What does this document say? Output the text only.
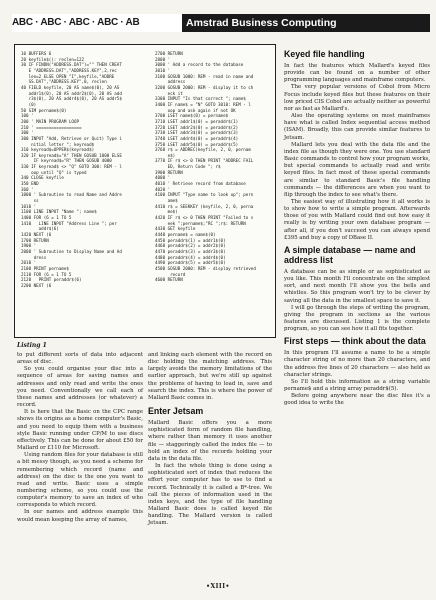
ABC · ABC · ABC · ABC · AB	Amstrad Business Computing
10 BUFFERS 6
20 keyfile$(): reclen=122
30 IF FINDN("ADDRESS.DAT")="" THEN CREAT
E "ADDRESS.DAT","ADDRESS.KEY",2,rec
len=2 ELSE OPEN "I",keyfile,"ADDRE
SS.DAT","ADDRESS.KEY",0, reclen
40 FIELD keyfile, 20 AS name$(0), 20 AS
addr1$(0), 20 AS addr2$(0), 20 AS add
r3$(0), 20 AS addr4$(0), 20 AS addr5$
(0)
50 SIM pername$(0)
100 '
200 ' MAIN PROGRAM LOOP
210 ' ==================
300 '
300 INPUT "Add, Retrieve or Quit) Type i
nitial letter "; keyread$
310 keyread$=UPPER$(keyread$)
320 IF keyread$="A" THEN GOSUB 1000 ELSE
IF keyread$="R" THEN GOSUB 4000
330 IF keyread$ <> "Q" GOTO 300: REM - l
oop until "Q" is typed
340 CLOSE keyfile
350 END
360 '
1000 ' Subroutine to read Name and Addre
ss
1010 '
1100 LINE INPUT "Name "; name$
1400 FOR (6 = 1 TO 5
1410   LINE INPUT "Address Line "; per
addr$(6)
1420 NEXT (6
1700 RETURN
1900 '
2000 ' Subroutine to Display Name and Ad
dress
2010 '
2100 PRINT pername$
2110 FOR (6 = 1 TO 5
2120   PRINT peraddr$(6)
2200 NEXT (6
2700 RETURN
2800 '
3000 ' Add a record to the database
3010 '
3100 GOSUB 1000: REM - read in name and
address
3200 GOSUB 2000: REM - display it to ch
eck it
3300 INPUT "Is that correct "; name$
3400 IF name$ = "N" GOTO 3010: REM - l
oop and ask again if not OK
3700 LSET name$(0) = pername$
3710 LSET addr1$(0) = peraddr$(1)
3720 LSET addr2$(0) = peraddr$(2)
3730 LSET addr3$(0) = peraddr$(3)
3740 LSET addr4$(0) = peraddr$(4)
3750 LSET addr5$(0) = peraddr$(5)
3760 r$ = ADDREC(keyfile, 2, 0, pernam
e$)
3770 IF r$ <> 0 THEN PRINT "ADDREC FAIL
ED, Return Code "; r$
3900 RETURN
4000 '
4010 ' Retrieve record from database
4020 '
4100 INPUT "Type name to look up"; pern
ame$
4410 r$ = SEEKKEY (keyfile, 2, 0, perna
me$)
4420 IF r$ <> 0 THEN PRINT "Failed to s
eek ";pername$;"RC ";r$: RETURN
4430 GET keyfile
4440 pername$ = name$(0)
4450 peraddr$(1) = addr1$(0)
4460 peraddr$(2) = addr2$(0)
4470 peraddr$(3) = addr3$(0)
4480 peraddr$(4) = addr4$(0)
4490 peraddr$(5) = addr5$(0)
4500 GOSUB 2000: REM - display retrieved
record
4600 RETURN
Listing 1

to put different sorts of data into adjacent areas of disc.

So you could organise your disc into a sequence of areas for saving names and addresses and only read and write the ones you need. Conventionally we call each of these names and addresses (or whatever) a record.

It is here that the Basic on the CPC range shows its origins as a home computer's Basic, and you need to equip them with a business style Basic running under CP/M to use discs effectively. This can be done for about £50 for Mallard or £110 for Microsoft.

Using random files for your database is still a bit messy though, as you need a scheme for remembering which record (name and address) on the disc is the one you want to read and write. Basic uses a simple numbering scheme, so you could use the computer's memory to save an index of who corresponds to which record.

In our names and address example this would mean keeping the array of names,

and linking each element with the record on disc holding the matching address. This largely avoids the memory limitations of the earlier approach, but we're still up against the problems of having to load in, save and search the index. This is where the power of Mallard Basic comes in.

Enter Jetsam

Mallard Basic offers you a more sophisticated form of random file handling, where rather than memory it uses another file — staggeringly called the index file — to hold an index of the records holding your data in the data file.

In fact the whole thing is done using a sophisticated sort of index that reduces the effort your computer has to use to find a record. Technically it is called a B*-tree. We call the pieces of information used in the index keys, and the type of file handling Mallard Basic does is called keyed file handling. The Mallard version is called Jetsam.

Keyed file handling

In fact the features which Mallard's keyed files provide can be found on a number of other programming languages and mainframe computers.

The very popular versions of Cobol from Micro Focus include keyed files but these features on their low priced CIS Cobol are actually neither as powerful nor as fast as Mallard's.

Also the operating systems on most mainframes have what is called Index sequential access method (ISAM). Broadly, this can provide similar features to Jetsam.

Mallard lets you deal with the data file and the index file as though they were one. You use standard Basic commands to control how your program works, but special commands to actually read and write keyed files. In fact most of these special commands are similar to standard Basic's file handling commands — the differences are when you want to flip through the index to see what's there.

The easiest way of illustrating how it all works is to show how to write a simple program. Afterwards those of you with Mallard could find out how easy it really is by writing your own database program — after all, if you don't succeed you can always spend £395 and buy a copy of DBase II.

A simple database — name and address list

A database can be as simple or as sophisticated as you like. This month I'll concentrate on the simplest sort, and next month I'll show you the bells and whistles. So this program won't try to be clever by saving all the data in the smallest space to save it.

I will go through the steps of writing the program, giving the program in sections as the various features are discussed. Listing 1 is the complete program, so you can see how it all fits together.

First steps — think about the data

In this program I'll assume a name to be a simple character string of no more than 20 characters, and the address five lines of 20 characters — also held as character strings.

So I'll hold this information as a string variable pername$ and a string array peraddr$(5).

Before going anywhere near the disc files it's a good idea to write the

•XIII•
